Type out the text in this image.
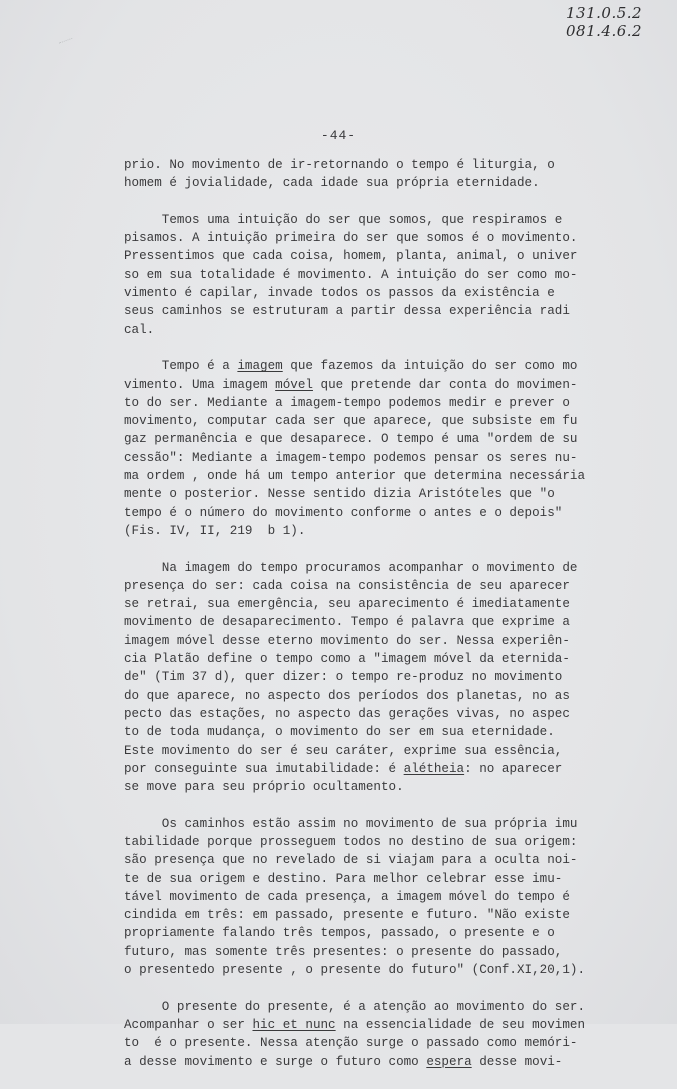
131.0.5.2
081.4.6.2
-44-
prio. No movimento de ir-retornando o tempo é liturgia, o
homem é jovialidade, cada idade sua própria eternidade.
Temos uma intuição do ser que somos, que respiramos e
pisamos. A intuição primeira do ser que somos é o movimento.
Pressentimos que cada coisa, homem, planta, animal, o univer
so em sua totalidade é movimento. A intuição do ser como mo-
vimento é capilar, invade todos os passos da existência e
seus caminhos se estruturam a partir dessa experiência radi
cal.
Tempo é a imagem que fazemos da intuição do ser como mo
vimento. Uma imagem móvel que pretende dar conta do movimen-
to do ser. Mediante a imagem-tempo podemos medir e prever o
movimento, computar cada ser que aparece, que subsiste em fu
gaz permanência e que desaparece. O tempo é uma "ordem de su
cessão": Mediante a imagem-tempo podemos pensar os seres nu-
ma ordem , onde há um tempo anterior que determina necessária
mente o posterior. Nesse sentido dizia Aristóteles que "o
tempo é o número do movimento conforme o antes e o depois"
(Fis. IV, II, 219  b 1).
Na imagem do tempo procuramos acompanhar o movimento de
presença do ser: cada coisa na consistência de seu aparecer
se retrai, sua emergência, seu aparecimento é imediatamente
movimento de desaparecimento. Tempo é palavra que exprime a
imagem móvel desse eterno movimento do ser. Nessa experiên-
cia Platão define o tempo como a "imagem móvel da eternida-
de" (Tim 37 d), quer dizer: o tempo re-produz no movimento
do que aparece, no aspecto dos períodos dos planetas, no as
pecto das estações, no aspecto das gerações vivas, no aspec
to de toda mudança, o movimento do ser em sua eternidade.
Este movimento do ser é seu caráter, exprime sua essência,
por conseguinte sua imutabilidade: é alétheia: no aparecer
se move para seu próprio ocultamento.
Os caminhos estão assim no movimento de sua própria imu
tabilidade porque prosseguem todos no destino de sua origem:
são presença que no revelado de si viajam para a oculta noi-
te de sua origem e destino. Para melhor celebrar esse imu-
tável movimento de cada presença, a imagem móvel do tempo é
cindida em três: em passado, presente e futuro. "Não existe
propriamente falando três tempos, passado, o presente e o
futuro, mas somente três presentes: o presente do passado,
o presentedo presente , o presente do futuro" (Conf.XI,20,1).
O presente do presente, é a atenção ao movimento do ser.
Acompanhar o ser hic et nunc na essencialidade de seu movimen
to  é o presente. Nessa atenção surge o passado como memóri-
a desse movimento e surge o futuro como espera desse movi-
